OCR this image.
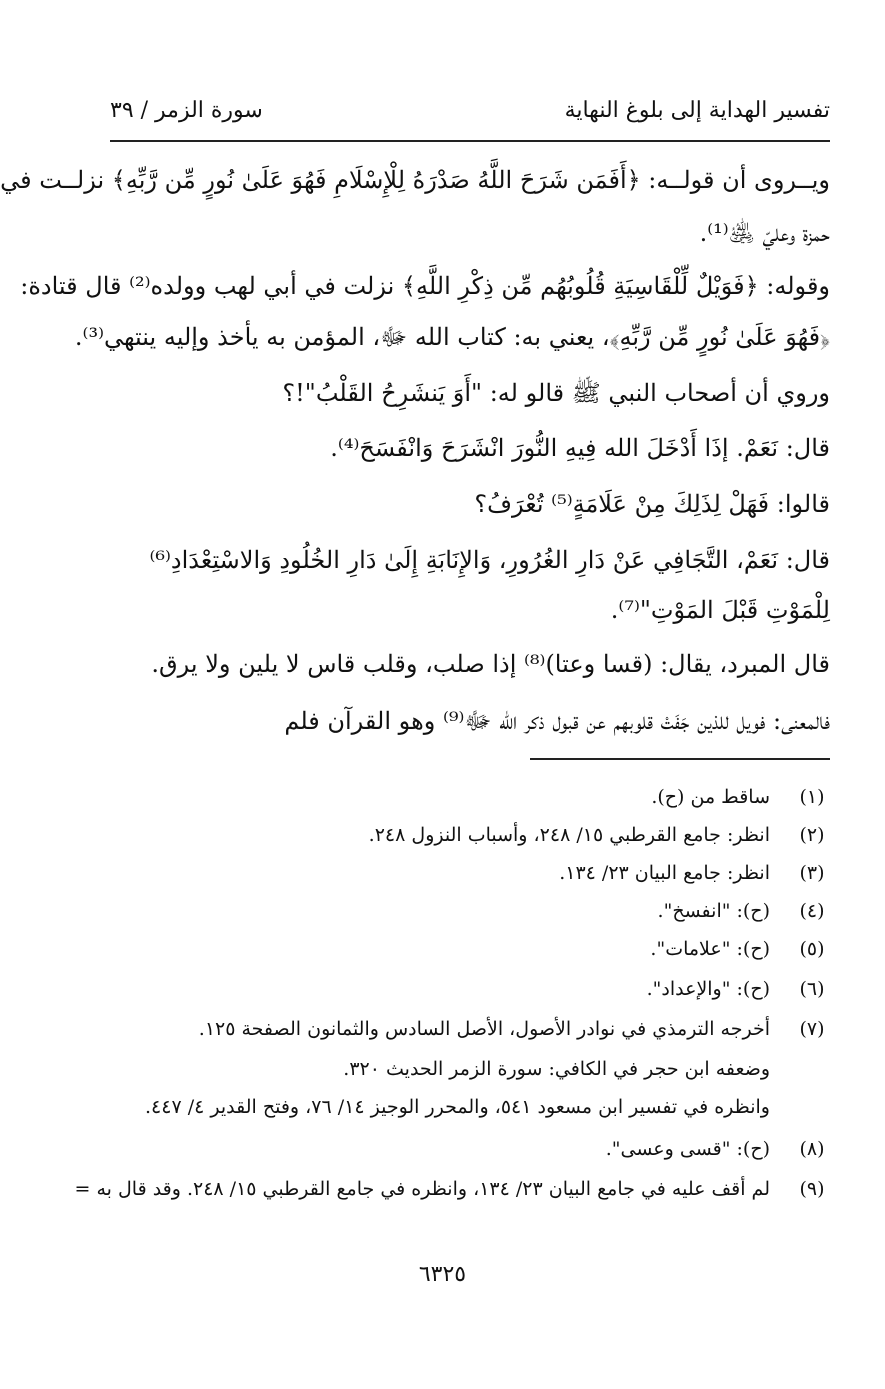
تفسير الهداية إلى بلوغ النهاية
سورة الزمر / ٣٩
ويــروى أن قولــه: ﴿أَفَمَن شَرَحَ اللَّهُ صَدْرَهُ لِلْإِسْلَامِ فَهُوَ عَلَىٰ نُورٍ مِّن رَّبِّهِ﴾ نزلــت في
حمزة وعليّ ﵁⁽¹⁾.
وقوله: ﴿فَوَيْلٌ لِّلْقَاسِيَةِ قُلُوبُهُم مِّن ذِكْرِ اللَّهِ﴾ نزلت في أبي لهب وولده⁽²⁾ قال قتادة:
﴿فَهُوَ عَلَىٰ نُورٍ مِّن رَّبِّهِ﴾، يعني به: كتاب الله ﷻ، المؤمن به يأخذ وإليه ينتهي⁽³⁾.
وروي أن أصحاب النبي ﷺ قالو له: "أَوَ يَنشَرِحُ القَلْبُ"!؟
قال: نَعَمْ. إذَا أَدْخَلَ الله فِيهِ النُّورَ انْشَرَحَ وَانْفَسَحَ⁽⁴⁾.
قالوا: فَهَلْ لِذَلِكَ مِنْ عَلَامَةٍ⁽⁵⁾ تُعْرَفُ؟
قال: نَعَمْ، التَّجَافِي عَنْ دَارِ الغُرُورِ، وَالإِنَابَةِ إِلَىٰ دَارِ الخُلُودِ وَالاسْتِعْدَادِ⁽⁶⁾
لِلْمَوْتِ قَبْلَ المَوْتِ"⁽⁷⁾.
قال المبرد، يقال: (قسا وعتا)⁽⁸⁾ إذا صلب، وقلب قاس لا يلين ولا يرق.
فالمعنى: فويل للذين جَفَتْ قلوبهم عن قبول ذكر الله ﷻ⁽⁹⁾ وهو القرآن فلم
(١)
ساقط من (ح).
(٢)
انظر: جامع القرطبي ١٥/ ٢٤٨، وأسباب النزول ٢٤٨.
(٣)
انظر: جامع البيان ٢٣/ ١٣٤.
(٤)
(ح): "انفسخ".
(٥)
(ح): "علامات".
(٦)
(ح): "والإعداد".
(٧)
أخرجه الترمذي في نوادر الأصول، الأصل السادس والثمانون الصفحة ١٢٥.
وضعفه ابن حجر في الكافي: سورة الزمر الحديث ٣٢٠.
وانظره في تفسير ابن مسعود ٥٤١، والمحرر الوجيز ١٤/ ٧٦، وفتح القدير ٤/ ٤٤٧.
(٨)
(ح): "قسى وعسى".
(٩)
لم أقف عليه في جامع البيان ٢٣/ ١٣٤، وانظره في جامع القرطبي ١٥/ ٢٤٨. وقد قال به =
٦٣٢٥
